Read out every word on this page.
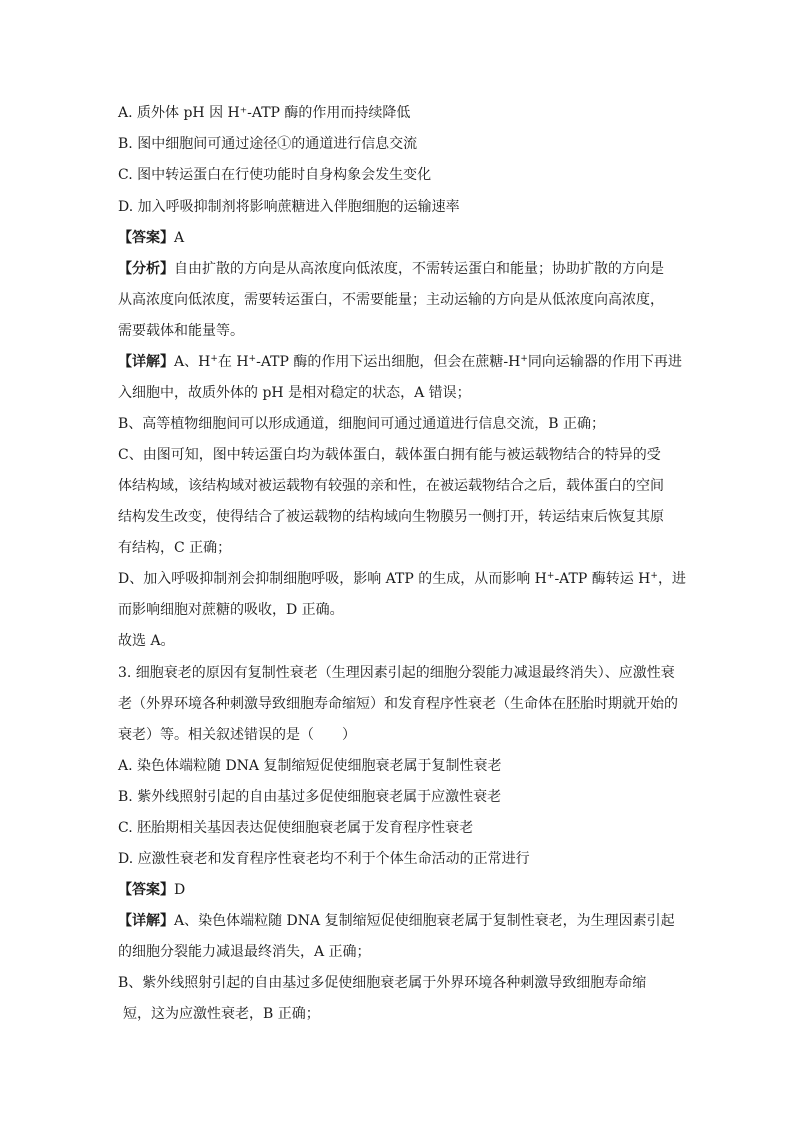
A. 质外体 pH 因 H⁺-ATP 酶的作用而持续降低
B. 图中细胞间可通过途径①的通道进行信息交流
C. 图中转运蛋白在行使功能时自身构象会发生变化
D. 加入呼吸抑制剂将影响蔗糖进入伴胞细胞的运输速率
【答案】A
【分析】自由扩散的方向是从高浓度向低浓度，不需转运蛋白和能量；协助扩散的方向是
从高浓度向低浓度，需要转运蛋白，不需要能量；主动运输的方向是从低浓度向高浓度，
需要载体和能量等。
【详解】A、H+在 H+-ATP 酶的作用下运出细胞，但会在蔗糖-H+同向运输器的作用下再进
入细胞中，故质外体的 pH 是相对稳定的状态，A 错误；
B、高等植物细胞间可以形成通道，细胞间可通过通道进行信息交流，B 正确；
C、由图可知，图中转运蛋白均为载体蛋白，载体蛋白拥有能与被运载物结合的特异的受
体结构域，该结构域对被运载物有较强的亲和性，在被运载物结合之后，载体蛋白的空间
结构发生改变，使得结合了被运载物的结构域向生物膜另一侧打开，转运结束后恢复其原
有结构，C 正确；
D、加入呼吸抑制剂会抑制细胞呼吸，影响 ATP 的生成，从而影响 H+-ATP 酶转运 H+，进
而影响细胞对蔗糖的吸收，D 正确。
故选 A。
3. 细胞衰老的原因有复制性衰老（生理因素引起的细胞分裂能力减退最终消失）、应激性衰
老（外界环境各种刺激导致细胞寿命缩短）和发育程序性衰老（生命体在胚胎时期就开始的
衰老）等。相关叙述错误的是（　　）
A. 染色体端粒随 DNA 复制缩短促使细胞衰老属于复制性衰老
B. 紫外线照射引起的自由基过多促使细胞衰老属于应激性衰老
C. 胚胎期相关基因表达促使细胞衰老属于发育程序性衰老
D. 应激性衰老和发育程序性衰老均不利于个体生命活动的正常进行
【答案】D
【详解】A、染色体端粒随 DNA 复制缩短促使细胞衰老属于复制性衰老，为生理因素引起
的细胞分裂能力减退最终消失，A 正确；
B、紫外线照射引起的自由基过多促使细胞衰老属于外界环境各种刺激导致细胞寿命缩
短，这为应激性衰老，B 正确；
